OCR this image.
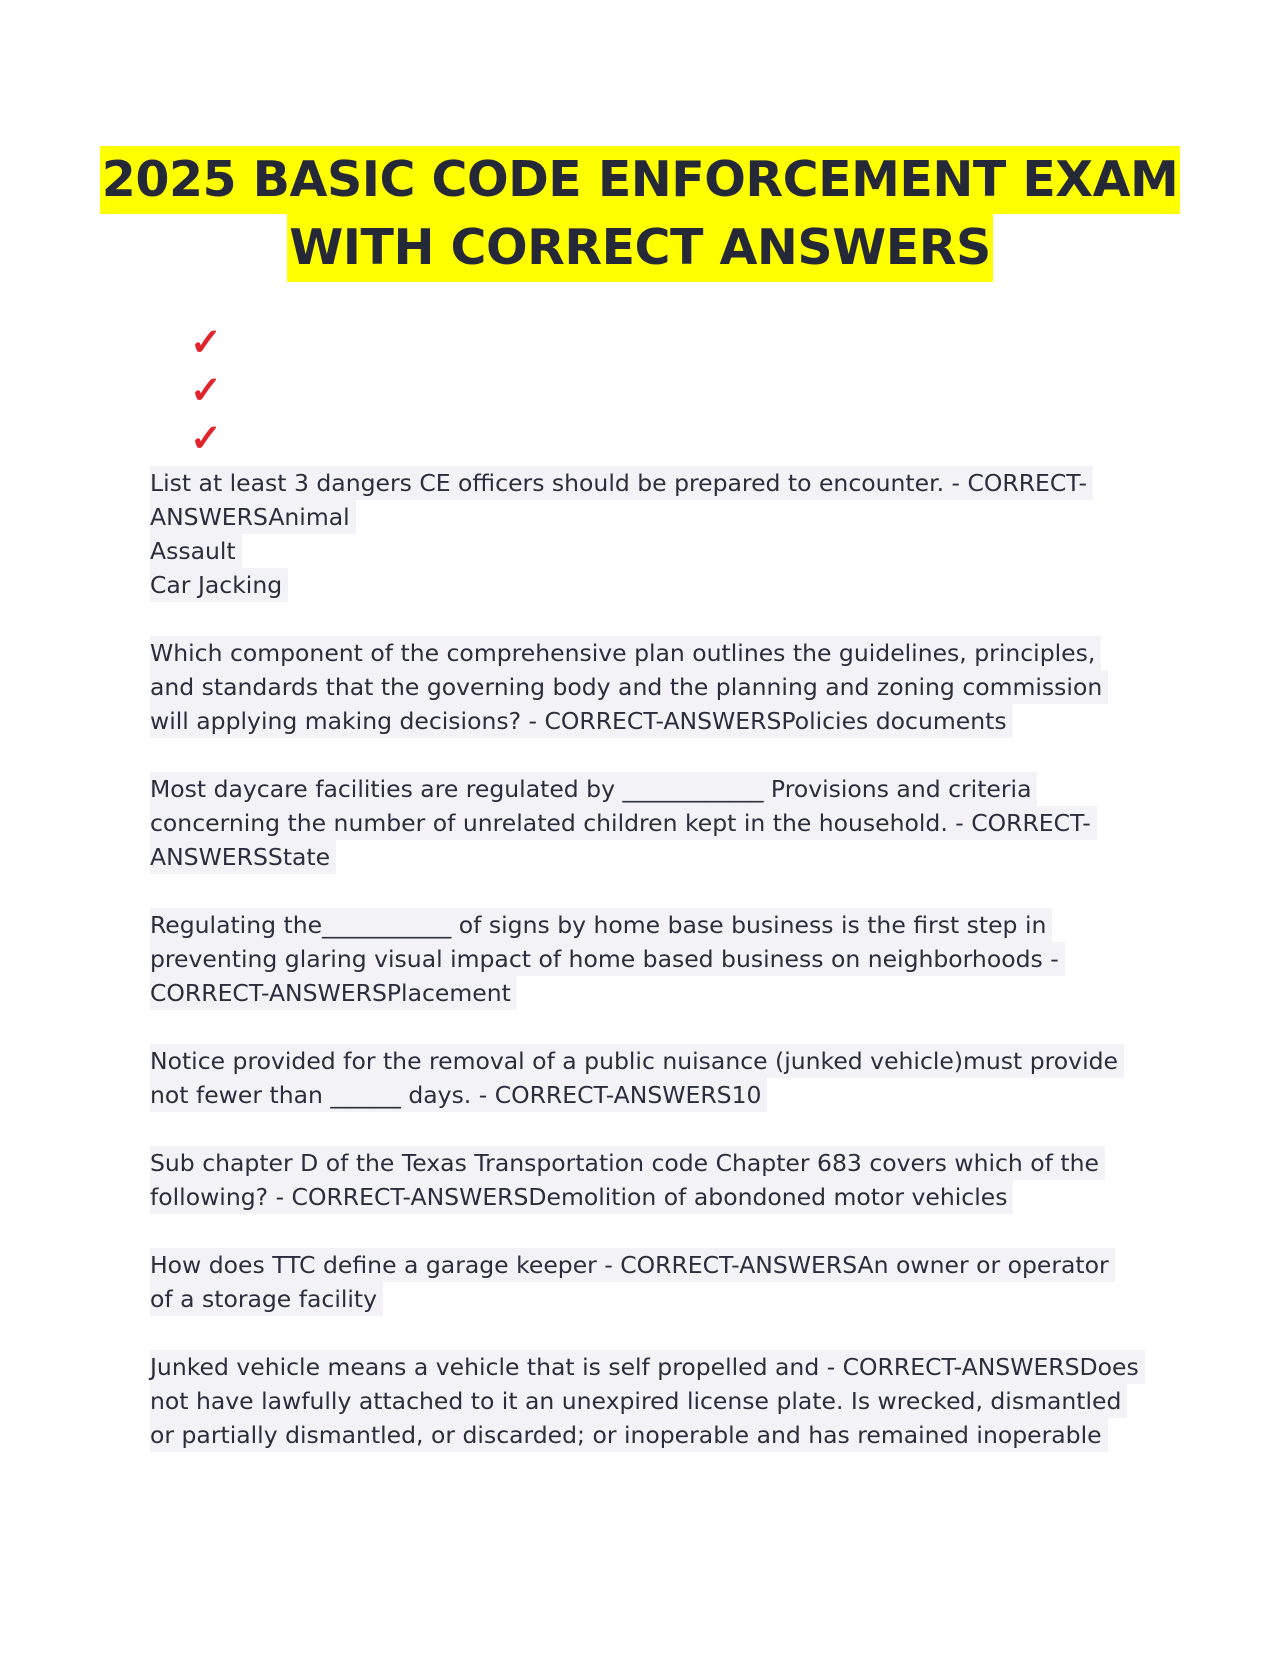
2025 BASIC CODE ENFORCEMENT EXAM
WITH CORRECT ANSWERS
✓
✓
✓
List at least 3 dangers CE officers should be prepared to encounter. - CORRECT-
ANSWERSAnimal
Assault
Car Jacking
Which component of the comprehensive plan outlines the guidelines, principles,
and standards that the governing body and the planning and zoning commission
will applying making decisions? - CORRECT-ANSWERSPolicies documents
Most daycare facilities are regulated by ____________ Provisions and criteria
concerning the number of unrelated children kept in the household. - CORRECT-
ANSWERSState
Regulating the___________ of signs by home base business is the first step in
preventing glaring visual impact of home based business on neighborhoods -
CORRECT-ANSWERSPlacement
Notice provided for the removal of a public nuisance (junked vehicle)must provide
not fewer than ______ days. - CORRECT-ANSWERS10
Sub chapter D of the Texas Transportation code Chapter 683 covers which of the
following? - CORRECT-ANSWERSDemolition of abondoned motor vehicles
How does TTC define a garage keeper - CORRECT-ANSWERSAn owner or operator
of a storage facility
Junked vehicle means a vehicle that is self propelled and - CORRECT-ANSWERSDoes
not have lawfully attached to it an unexpired license plate. Is wrecked, dismantled
or partially dismantled, or discarded; or inoperable and has remained inoperable
